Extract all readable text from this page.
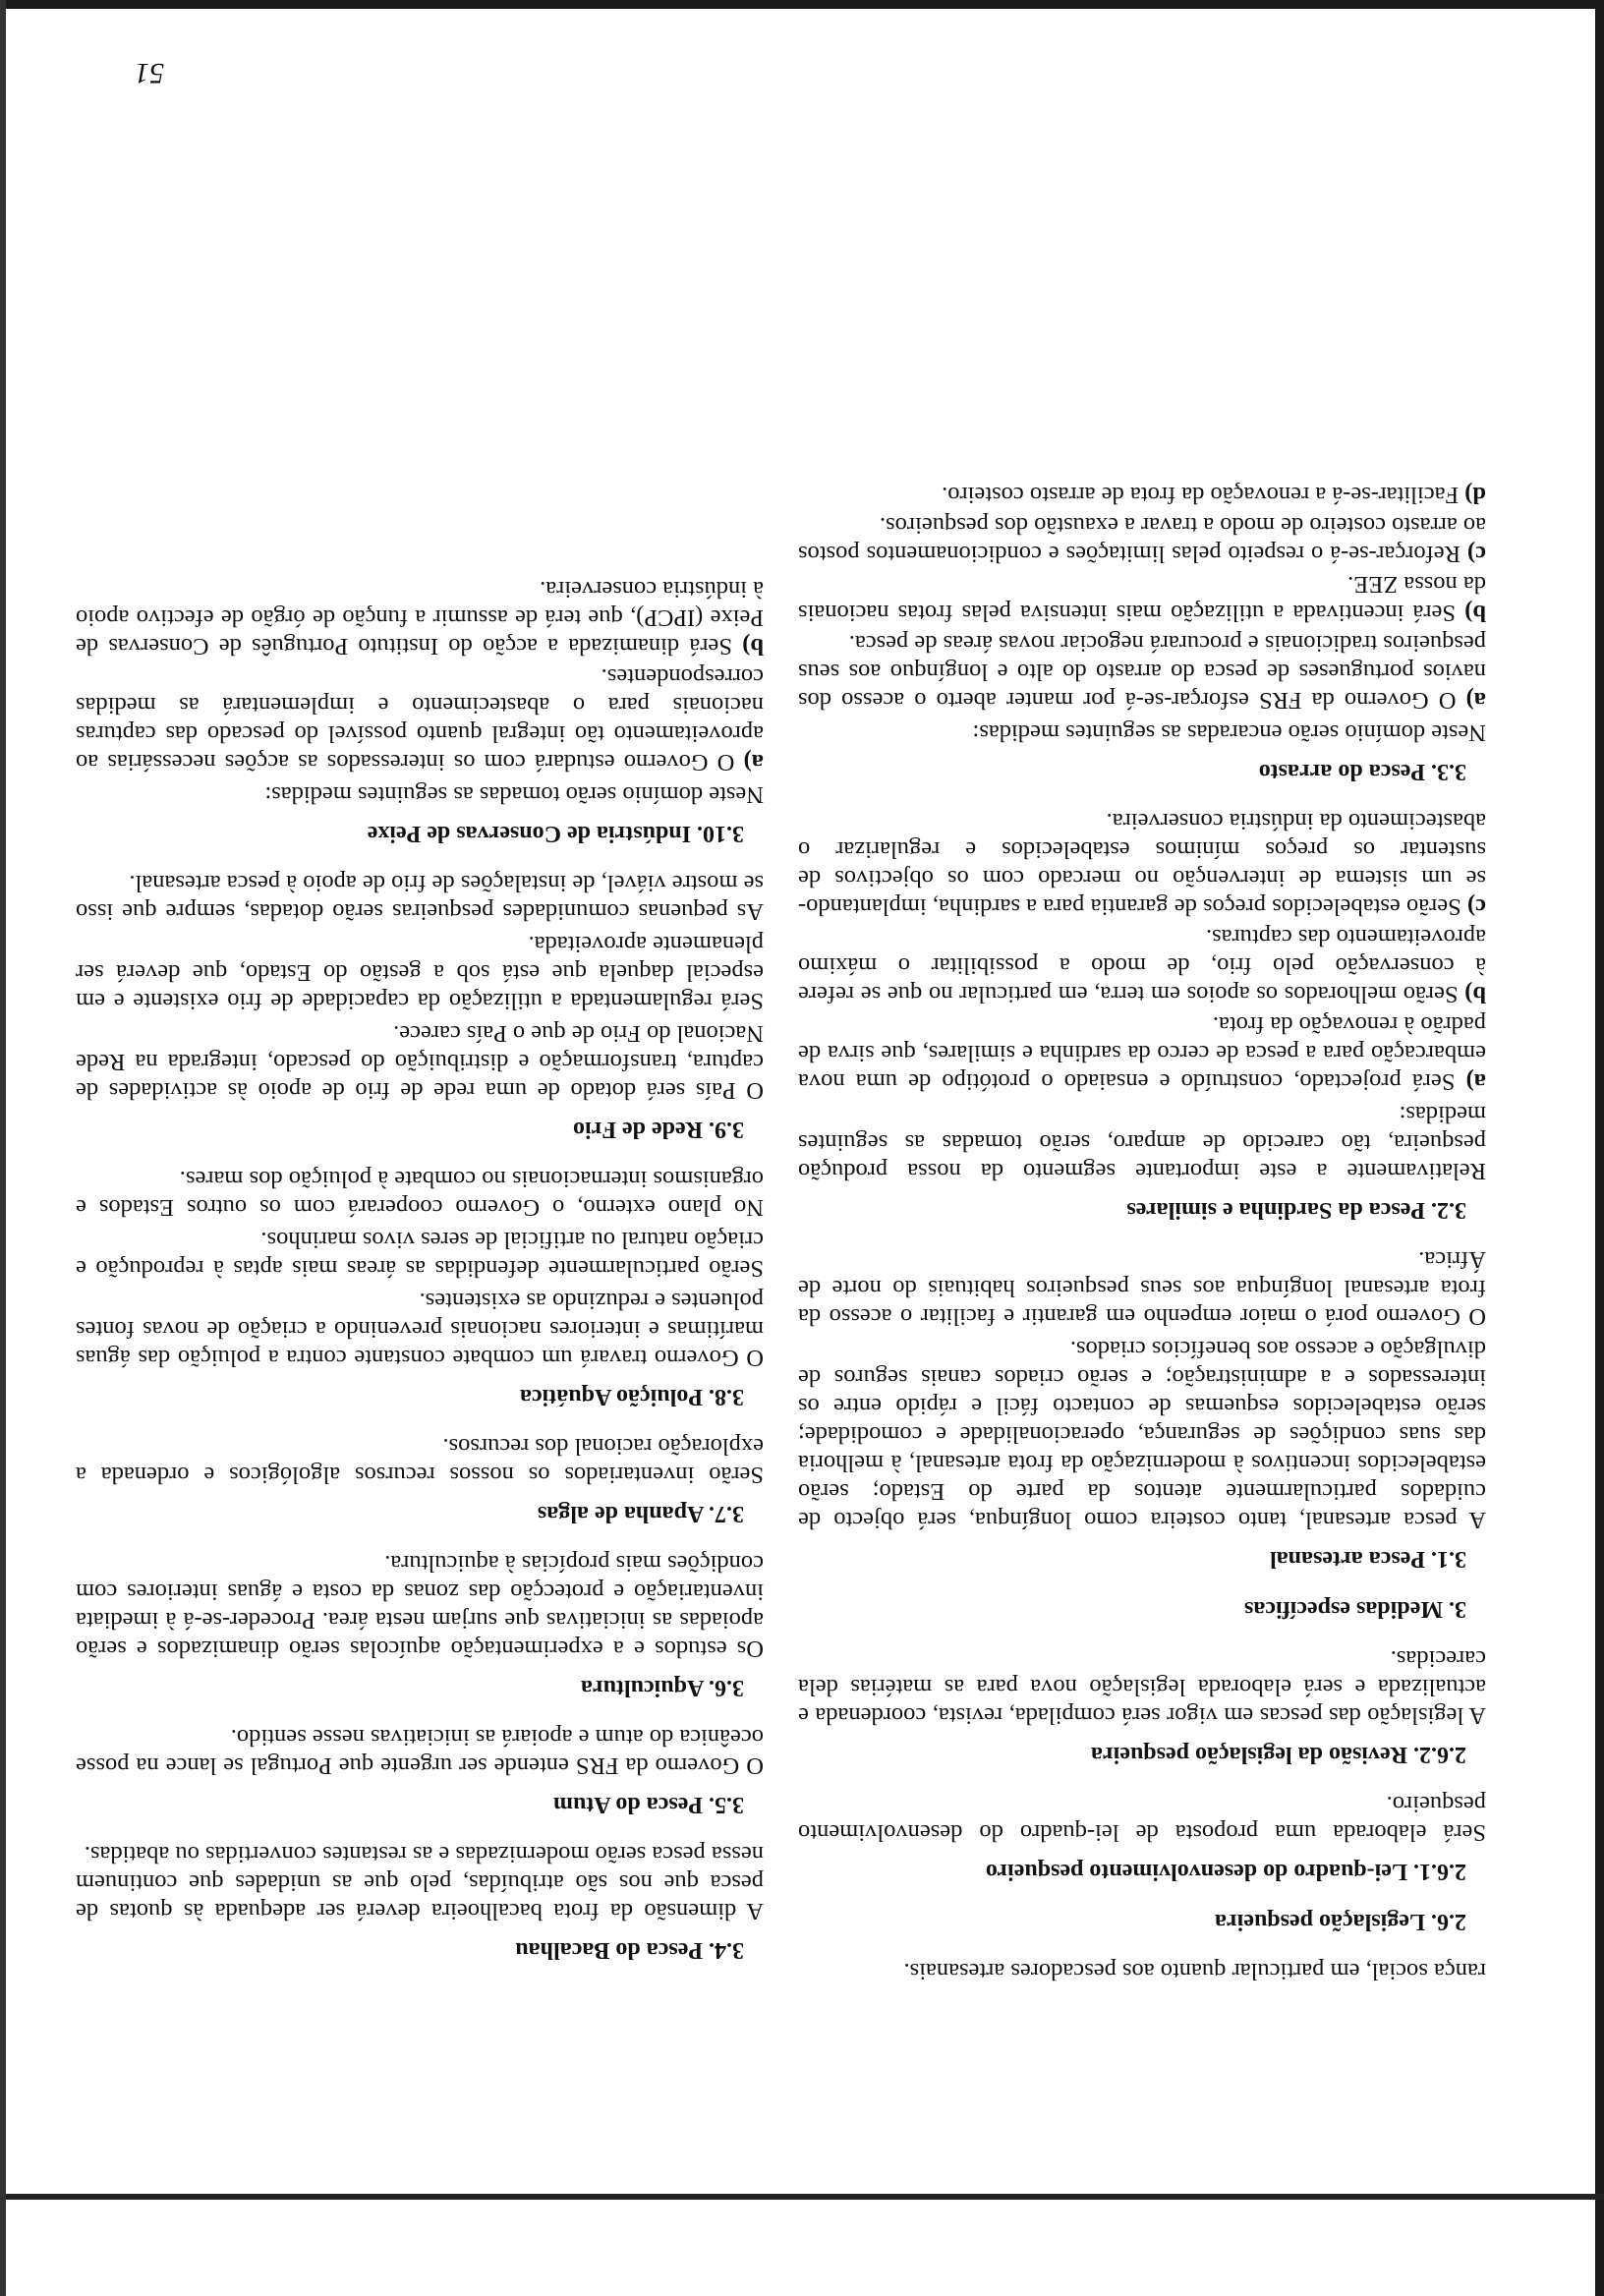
rança social, em particular quanto aos pescadores artesanais.
2.6. Legislação pesqueira
2.6.1. Lei-quadro do desenvolvimento pesqueiro
Será elaborada uma proposta de lei-quadro do desenvolvimento pesqueiro.
2.6.2. Revisão da legislação pesqueira
A legislação das pescas em vigor será compilada, revista, coordenada e actualizada e será elaborada legislação nova para as matérias dela carecidas.
3. Medidas específicas
3.1. Pesca artesanal
A pesca artesanal, tanto costeira como longínqua, será objecto de cuidados particularmente atentos da parte do Estado; serão estabelecidos incentivos à modernização da frota artesanal, à melhoria das suas condições de segurança, operacionalidade e comodidade; serão estabelecidos esquemas de contacto fácil e rápido entre os interessados e a administração; e serão criados canais seguros de divulgação e acesso aos benefícios criados.
O Governo porá o maior empenho em garantir e facilitar o acesso da frota artesanal longínqua aos seus pesqueiros habituais do norte de África.
3.2. Pesca da Sardinha e similares
Relativamente a este importante segmento da nossa produção pesqueira, tão carecido de amparo, serão tomadas as seguintes medidas:
a) Será projectado, construído e ensaiado o protótipo de uma nova embarcação para a pesca de cerco da sardinha e similares, que sirva de padrão à renovação da frota.
b) Serão melhorados os apoios em terra, em particular no que se refere à conservação pelo frio, de modo a possibilitar o máximo aproveitamento das capturas.
c) Serão estabelecidos preços de garantia para a sardinha, implantando-se um sistema de intervenção no mercado com os objectivos de sustentar os preços mínimos estabelecidos e regularizar o abastecimento da indústria conserveira.
3.3. Pesca do arrasto
Neste domínio serão encaradas as seguintes medidas:
a) O Governo da FRS esforçar-se-á por manter aberto o acesso dos navios portugueses de pesca do arrasto do alto e longínquo aos seus pesqueiros tradicionais e procurará negociar novas áreas de pesca.
b) Será incentivada a utilização mais intensiva pelas frotas nacionais da nossa ZEE.
c) Reforçar-se-á o respeito pelas limitações e condicionamentos postos ao arrasto costeiro de modo a travar a exaustão dos pesqueiros.
d) Facilitar-se-á a renovação da frota de arrasto costeiro.
3.4. Pesca do Bacalhau
A dimensão da frota bacalhoeira deverá ser adequada às quotas de pesca que nos são atribuídas, pelo que as unidades que continuem nessa pesca serão modernizadas e as restantes convertidas ou abatidas.
3.5. Pesca do Atum
O Governo da FRS entende ser urgente que Portugal se lance na posse oceânica do atum e apoiará as iniciativas nesse sentido.
3.6. Aquicultura
Os estudos e a experimentação aquícolas serão dinamizados e serão apoiadas as iniciativas que surjam nesta área. Proceder-se-á à imediata inventariação e protecção das zonas da costa e águas interiores com condições mais propícias à aquicultura.
3.7. Apanha de algas
Serão inventariados os nossos recursos algológicos e ordenada a exploração racional dos recursos.
3.8. Poluição Aquática
O Governo travará um combate constante contra a poluição das águas marítimas e interiores nacionais prevenindo a criação de novas fontes poluentes e reduzindo as existentes.
Serão particularmente defendidas as áreas mais aptas à reprodução e criação natural ou artificial de seres vivos marinhos.
No plano externo, o Governo cooperará com os outros Estados e organismos internacionais no combate à poluição dos mares.
3.9. Rede de Frio
O País será dotado de uma rede de frio de apoio às actividades de captura, transformação e distribuição do pescado, integrada na Rede Nacional do Frio de que o País carece.
Será regulamentada a utilização da capacidade de frio existente e em especial daquela que está sob a gestão do Estado, que deverá ser plenamente aproveitada.
As pequenas comunidades pesqueiras serão dotadas, sempre que isso se mostre viável, de instalações de frio de apoio à pesca artesanal.
3.10. Indústria de Conservas de Peixe
Neste domínio serão tomadas as seguintes medidas:
a) O Governo estudará com os interessados as acções necessárias ao aproveitamento tão integral quanto possível do pescado das capturas nacionais para o abastecimento e implementará as medidas correspondentes.
b) Será dinamizada a acção do Instituto Português de Conservas de Peixe (IPCP), que terá de assumir a função de órgão de efectivo apoio à indústria conserveira.
51
